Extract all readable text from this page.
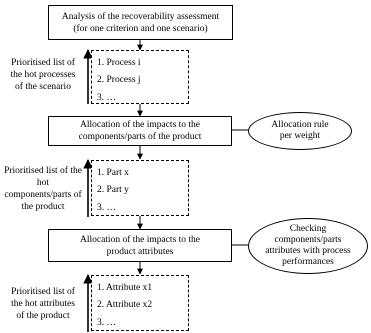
Analysis of the recoverability assessment
(for one criterion and one scenario)
Prioritised list of
the hot processes
of the scenario
1. Process i
2. Process j
3. …
Allocation of the impacts to the
components/parts of the product
Allocation rule
per weight
Prioritised list of the
hot
components/parts of
the product
1. Part x
2. Part y
3. …
Allocation of the impacts to the
product attributes
Checking
components/parts
attributes with process
performances
Prioritised list of
the hot attributes
of the product
1. Attribute x1
2. Attribute x2
3. …
